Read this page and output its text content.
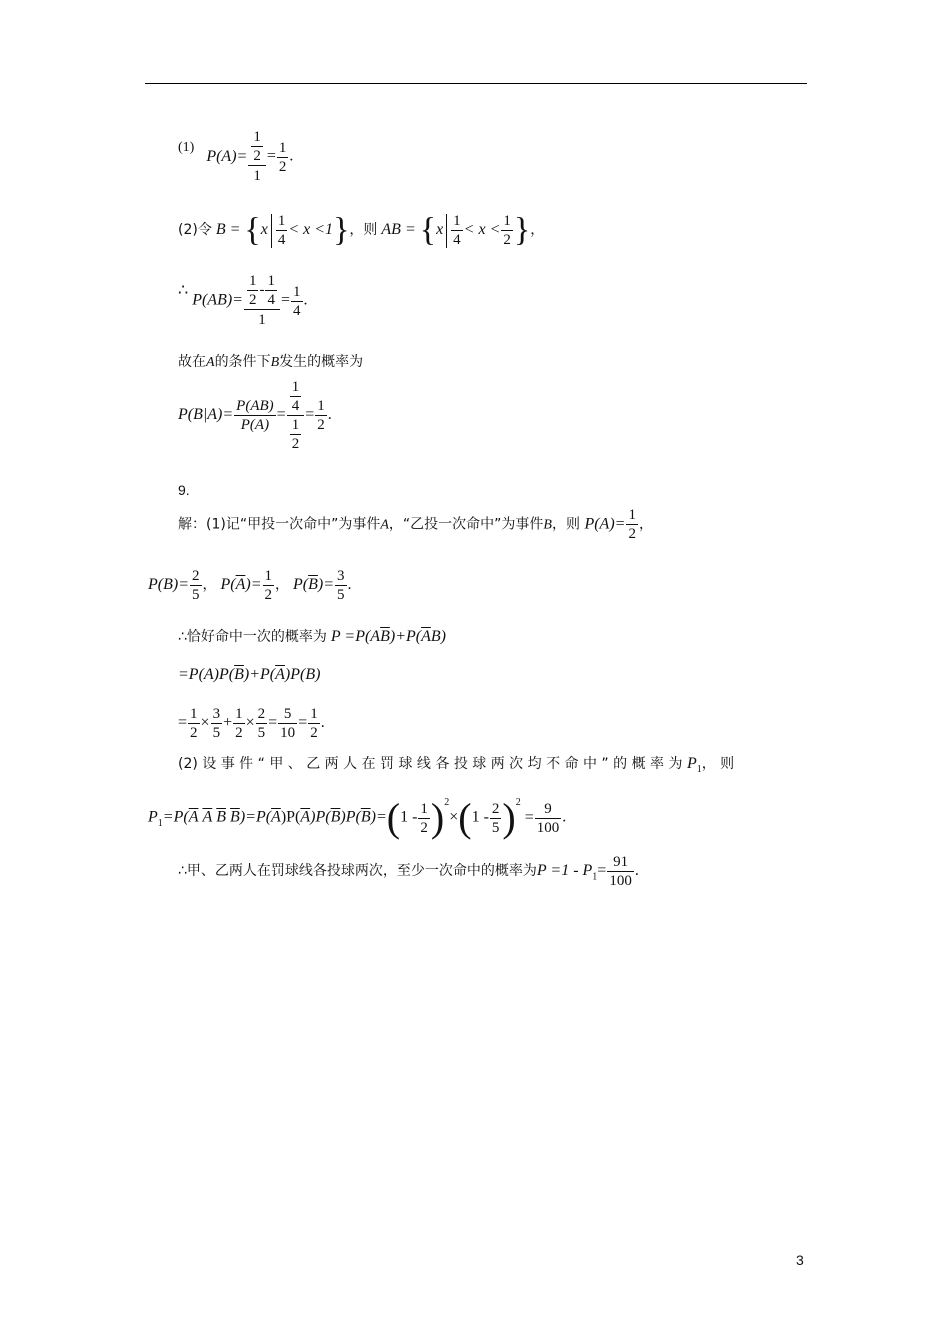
(1) $P(A)= \frac{\frac{1}{2}}{1} = \frac{1}{2}$ .
(2)令 $B = \{x \frac{1}{4} < x <1\}$，则 AB = {$x \frac{1}{4} < x < \frac{1}{2}$ }，
∴ $P(AB)= \frac{\frac{1}{2} - \frac{1}{4}}{1} = \frac{1}{4}$ .
故在A的条件下B发生的概率为
$P(B|A)= \frac{P(AB)}{P(A)} = \frac{\frac{1}{4}}{\frac{1}{2}} = \frac{1}{2}$ .
9.
解：(1)记“甲投一次命中”为事件A，“乙投一次命中”为事件B，则 $P(A)= \frac{1}{2}$ ，
$P(B)= \frac{2}{5}$ ， $P(\overline{A})= \frac{1}{2}$ ， $P(\overline{B})= \frac{3}{5}$ .
∴恰好命中一次的概率为 $P =P(A\overline{B})+P(\overline{A}B)$
$=P(A)P(\overline{B})+P(\overline{A})P(B)$
= $\frac{1}{2} \times \frac{3}{5} + \frac{1}{2} \times \frac{2}{5} = \frac{5}{10} = \frac{1}{2}$ .
(2) 设 事 件 “ 甲 、 乙 两 人 在 罚 球 线 各 投 球 两 次 均 不 命 中 ” 的 概 率 为 $P_1$， 则
$P_1=P(\overline{A}$ $\overline{A}$ $\overline{B}$ $\overline{B})=P(\overline{A})P(\overline{A})P(\overline{B})P(\overline{B})=(1 - \frac{1}{2} )^2\times(1 - \frac{2}{5} )^2= \frac{9}{100}$ .
∴甲、乙两人在罚球线各投球两次，至少一次命中的概率为$P =1 - P_1= \frac{91}{100}$ .
3
